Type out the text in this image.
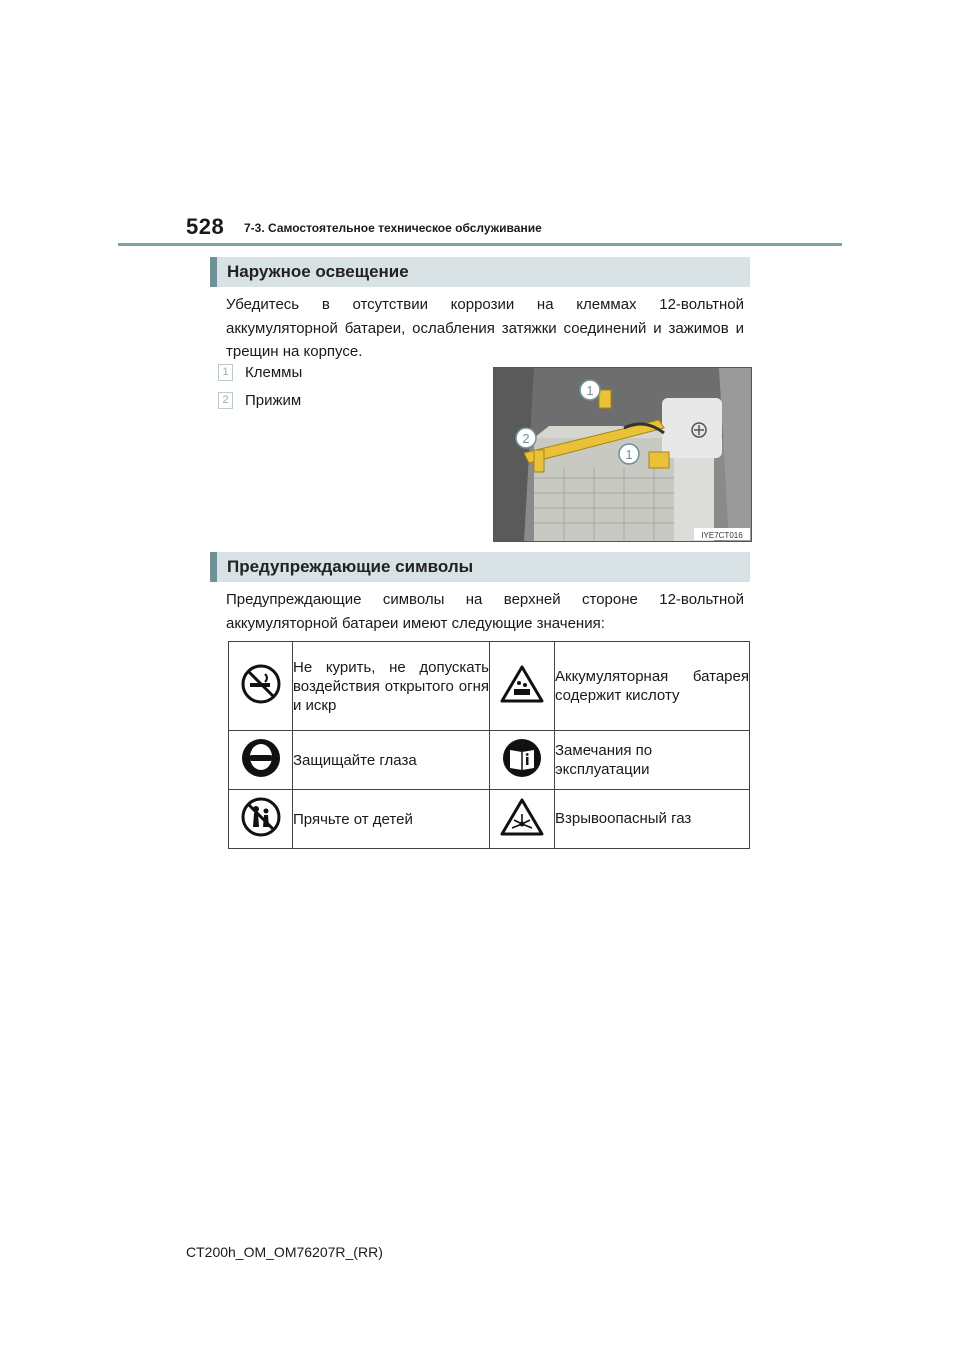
528 7-3. Самостоятельное техническое обслуживание
Наружное освещение

Убедитесь в отсутствии коррозии на клеммах 12-вольтной аккумуляторной батареи, ослабления затяжки соединений и зажимов и трещин на корпусе.

1 Клеммы
2 Прижим
1
2
1
IYE7CT016
Предупреждающие символы

Предупреждающие символы на верхней стороне 12-вольтной аккумуляторной батареи имеют следующие значения:

	Не курить, не допускать воздействия открытого огня и искр		Аккумуляторная батарея содержит кислоту
	Защищайте глаза		Замечания по эксплуатации
	Прячьте от детей		Взрывоопасный газ
CT200h_OM_OM76207R_(RR)
